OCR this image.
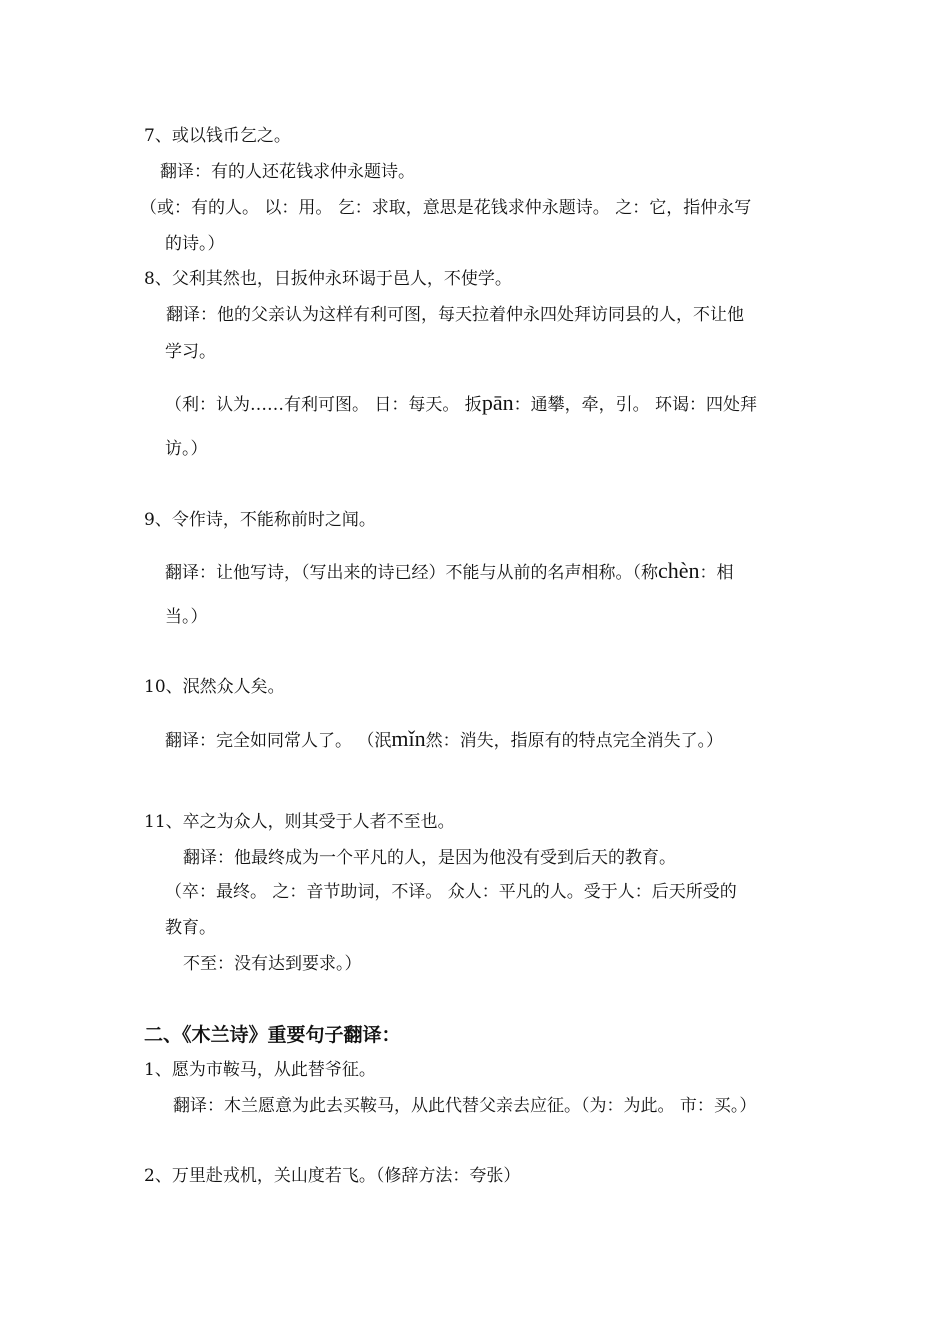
7、或以钱币乞之。
翻译：有的人还花钱求仲永题诗。
（或：有的人。 以：用。 乞：求取，意思是花钱求仲永题诗。 之：它，指仲永写
的诗。）
8、父利其然也，日扳仲永环谒于邑人，不使学。
翻译：他的父亲认为这样有利可图，每天拉着仲永四处拜访同县的人，不让他
学习。
（利：认为……有利可图。 日：每天。 扳pān：通攀，牵，引。 环谒：四处拜
访。）
9、令作诗，不能称前时之闻。
翻译：让他写诗，（写出来的诗已经）不能与从前的名声相称。（称chèn：相
当。）
10、泯然众人矣。
翻译：完全如同常人了。 （泯mǐn然：消失，指原有的特点完全消失了。）
11、卒之为众人，则其受于人者不至也。
翻译：他最终成为一个平凡的人，是因为他没有受到后天的教育。
（卒：最终。 之：音节助词，不译。 众人：平凡的人。受于人：后天所受的
教育。
不至：没有达到要求。）
二、《木兰诗》重要句子翻译：
1、愿为市鞍马，从此替爷征。
翻译：木兰愿意为此去买鞍马，从此代替父亲去应征。（为：为此。 市：买。）
2、万里赴戎机，关山度若飞。（修辞方法：夸张）
